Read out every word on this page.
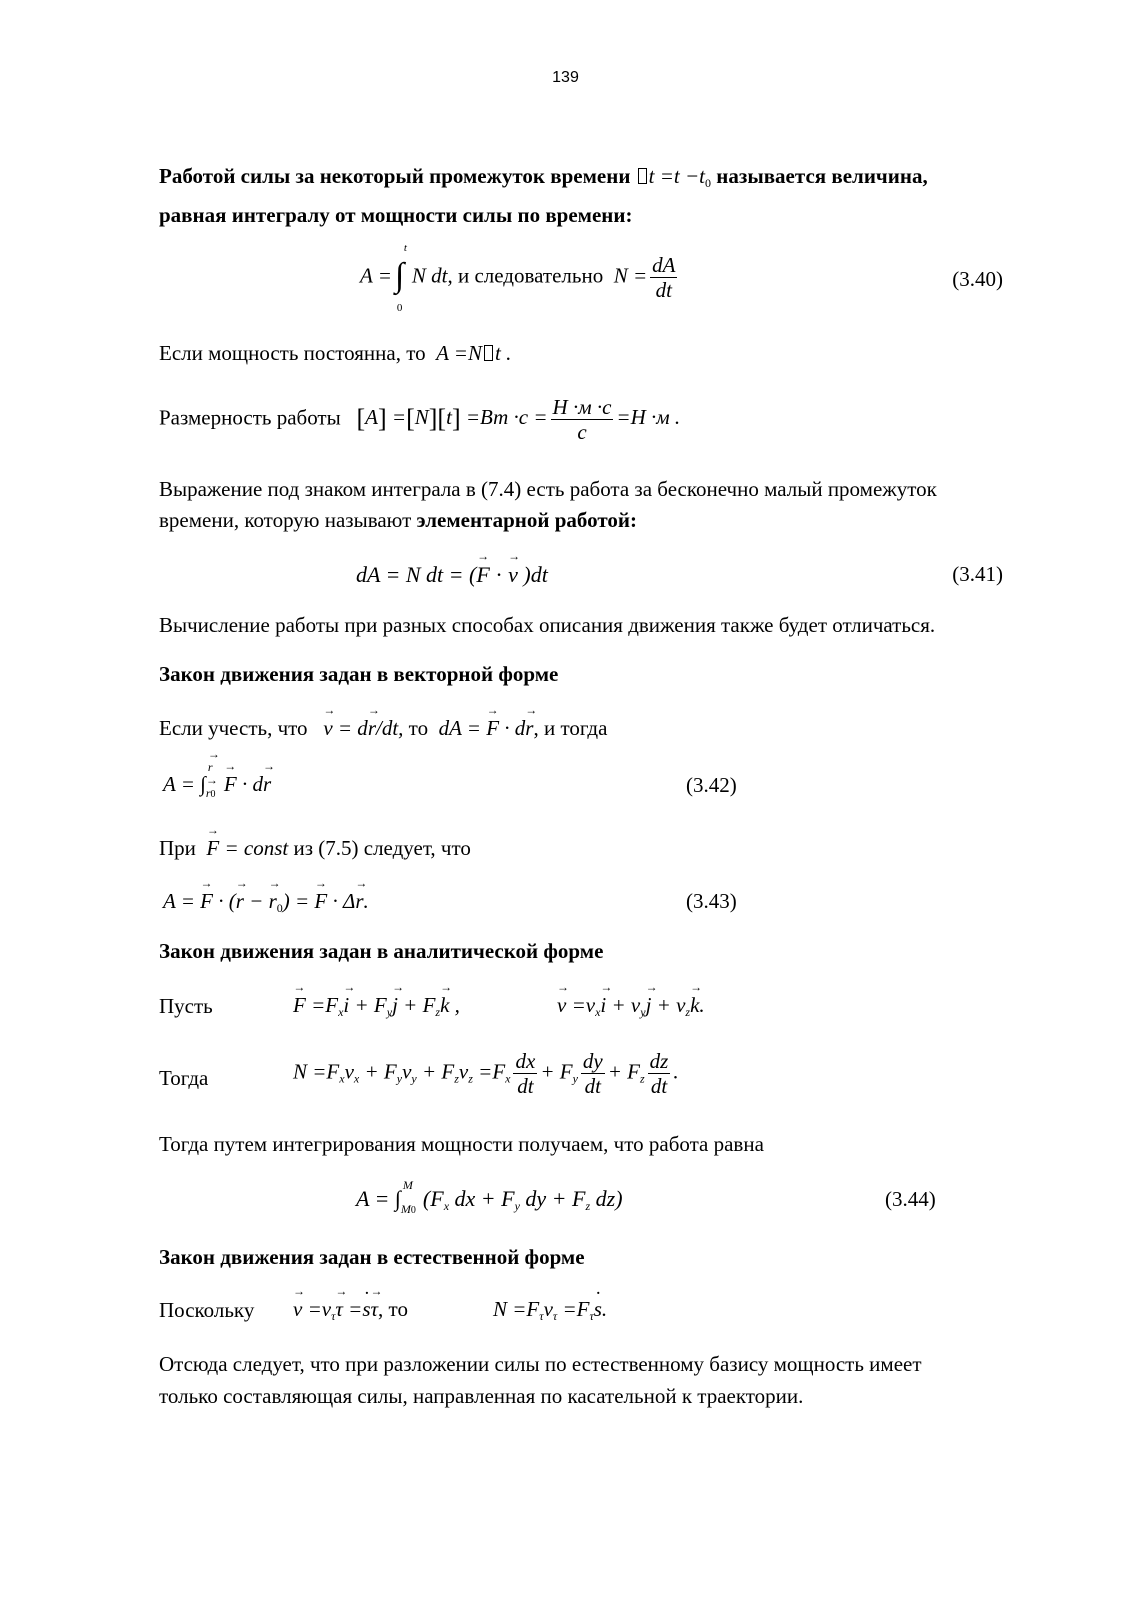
139
Работой силы за некоторый промежуток времени $t =t -t_0$ называется величина,
равная интегралу от мощности силы по времени:
A = ∫
t
0
N dt, и следовательно $N = \frac{dA}{dt}$	(3.40)
Если мощность постоянна, то A =N t .
Размерность работы $[A] =[N][t] =Вт \cdot с = \frac{Н \cdot м \cdot с}{с} =Н \cdot м$ .
Выражение под знаком интеграла в (7.4) есть работа за бесконечно малый промежуток
времени, которую называют элементарной работой:
dA = N dt = (F → · v → )dt	(3.41)
Вычисление работы при разных способах описания движения также будет отличаться.
Закон движения задан в векторной форме
Если учесть, что v → = dr →/dt, то dA = F → · dr →, и тогда
A = ∫
r →
r →0 F → · dr →	(3.42)
При F → = const из (7.5) следует, что
A = F → · (r → − $r \to_0) = F$ → · Δr →.	(3.43)
Закон движения задан в аналитической форме
Пусть	$F \to =F_xi$ → + $F_yj$ → + $F_zk$ → ,	$v \to =v_xi$ → + $v_yj$ → + $v_zk$ →.
Тогда	$N =F_xv_x + F_yv_y + F_zv_z =F_x \frac{dx}{dt} + F_y \frac{dy}{dt} + F_z \frac{dz}{dt}$ .
Тогда путем интегрирования мощности получаем, что работа равна
A = ∫
M
M0 ($F_x$ dx + $F_y$ dy + $F_z$ dz)	(3.44)
Закон движения задан в естественной форме
Поскольку $v \to =v_\tau\tau \to =s$ ˙τ →, то	$N =F_\tau v_\tau =F_\tau s$ ˙.
Отсюда следует, что при разложении силы по естественному базису мощность имеет
только составляющая силы, направленная по касательной к траектории.
